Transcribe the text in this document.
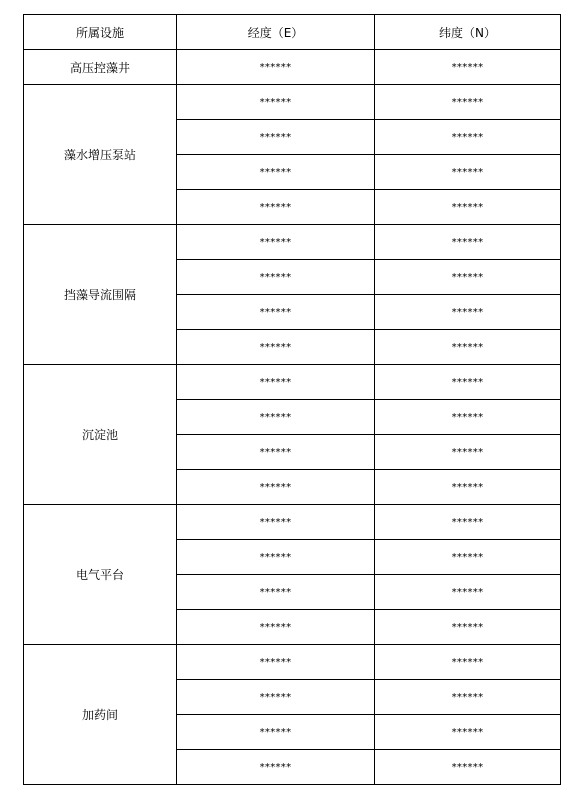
所属设施	经度（E）	纬度（N）
高压控藻井	******	******
藻水增压泵站	******	******
	******	******
	******	******
	******	******
挡藻导流围隔	******	******
	******	******
	******	******
	******	******
沉淀池	******	******
	******	******
	******	******
	******	******
电气平台	******	******
	******	******
	******	******
	******	******
加药间	******	******
	******	******
	******	******
	******	******
